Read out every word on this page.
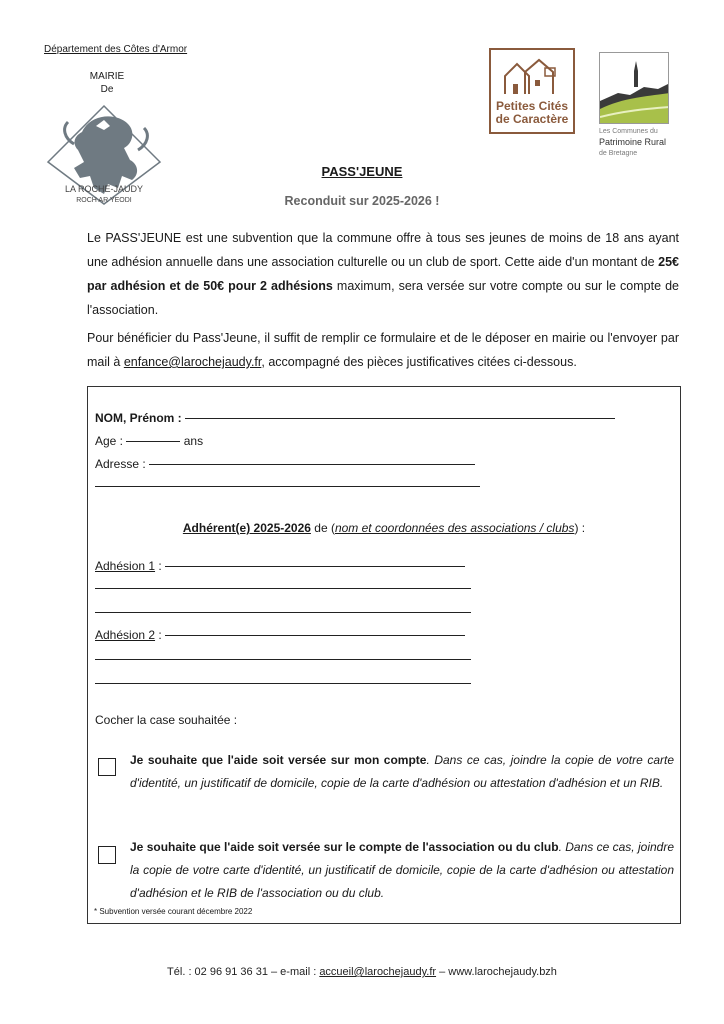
Département des Côtes d'Armor
MAIRIE
De
LA ROCHE-JAUDY
ROCH AR YEODI
Petites Cités
de Caractère
Les Communes du
Patrimoine Rural
de Bretagne
PASS'JEUNE
Reconduit sur 2025-2026 !
Le PASS'JEUNE est une subvention que la commune offre à tous ses jeunes de moins de 18 ans ayant une adhésion annuelle dans une association culturelle ou un club de sport. Cette aide d'un montant de 25€ par adhésion et de 50€ pour 2 adhésions maximum, sera versée sur votre compte ou sur le compte de l'association.
Pour bénéficier du Pass'Jeune, il suffit de remplir ce formulaire et de le déposer en mairie ou l'envoyer par mail à enfance@larochejaudy.fr, accompagné des pièces justificatives citées ci-dessous.
NOM, Prénom :
Age :	ans
Adresse :
Adhérent(e) 2025-2026 de (nom et coordonnées des associations / clubs) :
Adhésion 1 :
Adhésion 2 :
Cocher la case souhaitée :
Je souhaite que l'aide soit versée sur mon compte. Dans ce cas, joindre la copie de votre carte d'identité, un justificatif de domicile, copie de la carte d'adhésion ou attestation d'adhésion et un RIB.
Je souhaite que l'aide soit versée sur le compte de l'association ou du club. Dans ce cas, joindre la copie de votre carte d'identité, un justificatif de domicile, copie de la carte d'adhésion ou attestation d'adhésion et le RIB de l'association ou du club.
* Subvention versée courant décembre 2022
Tél. : 02 96 91 36 31 – e-mail : accueil@larochejaudy.fr – www.larochejaudy.bzh
